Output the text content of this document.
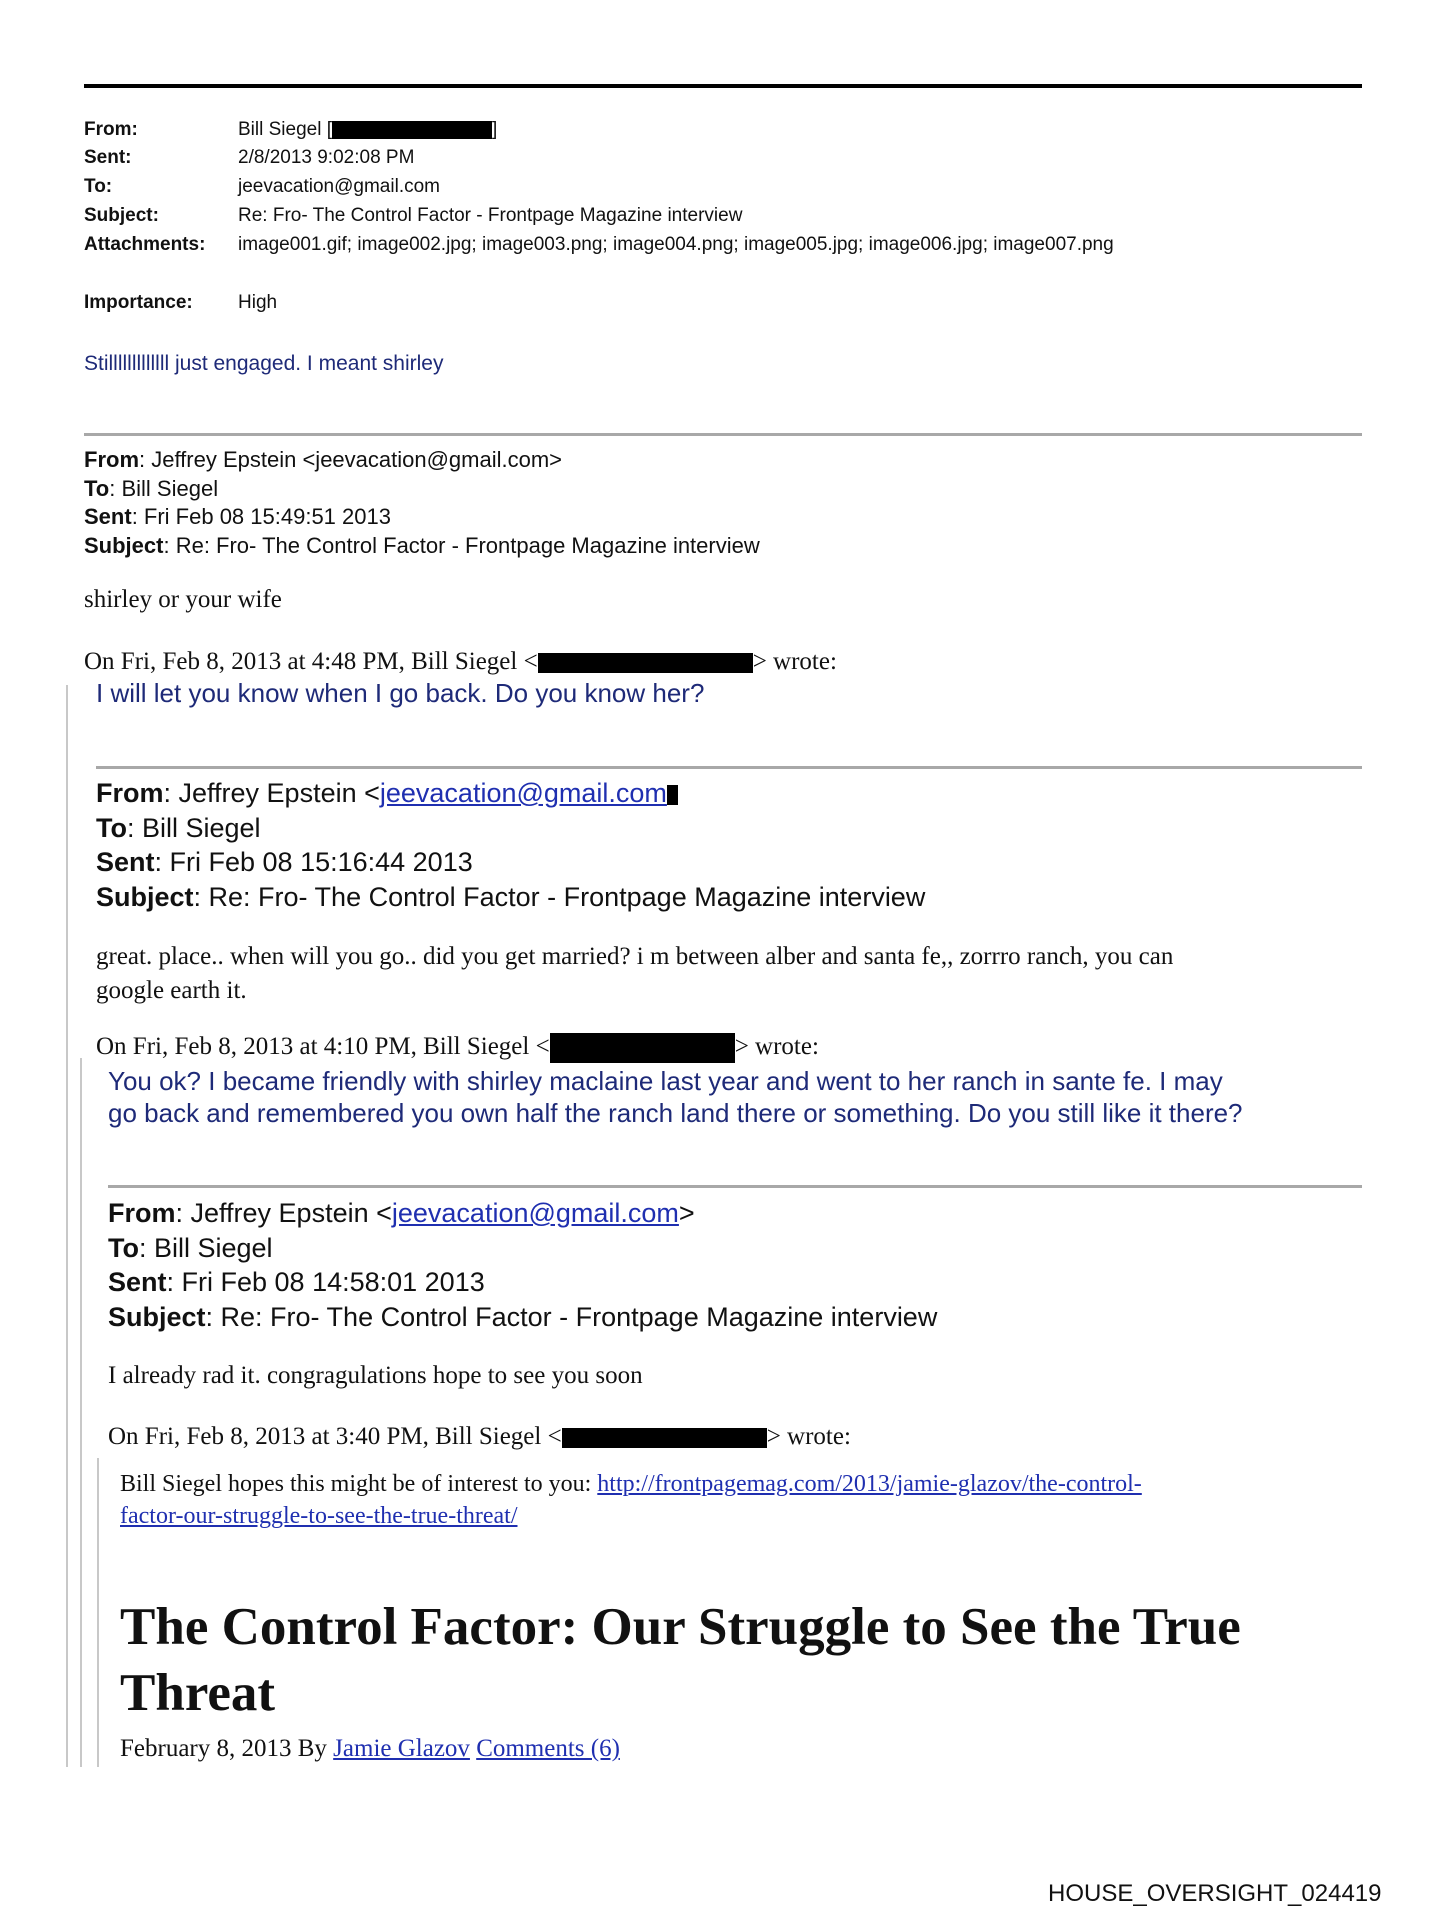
From:	Bill Siegel [	]
Sent:	2/8/2013 9:02:08 PM
To:	jeevacation@gmail.com
Subject:	Re: Fro- The Control Factor - Frontpage Magazine interview
Attachments: image001.gif; image002.jpg; image003.png; image004.png; image005.jpg; image006.jpg; image007.png
Importance: High
Stilllllllllllll just engaged. I meant shirley
From: Jeffrey Epstein <jeevacation@gmail.com>
To: Bill Siegel
Sent: Fri Feb 08 15:49:51 2013
Subject: Re: Fro- The Control Factor - Frontpage Magazine interview
shirley or your wife
On Fri, Feb 8, 2013 at 4:48 PM, Bill Siegel <	> wrote:
I will let you know when I go back. Do you know her?
From: Jeffrey Epstein <jeevacation@gmail.com
To: Bill Siegel
Sent: Fri Feb 08 15:16:44 2013
Subject: Re: Fro- The Control Factor - Frontpage Magazine interview
great. place.. when will you go.. did you get married? i m between alber and santa fe,, zorrro ranch, you can
google earth it.
On Fri, Feb 8, 2013 at 4:10 PM, Bill Siegel <	> wrote:
You ok? I became friendly with shirley maclaine last year and went to her ranch in sante fe. I may
go back and remembered you own half the ranch land there or something. Do you still like it there?
From: Jeffrey Epstein <jeevacation@gmail.com>
To: Bill Siegel
Sent: Fri Feb 08 14:58:01 2013
Subject: Re: Fro- The Control Factor - Frontpage Magazine interview
I already rad it. congragulations hope to see you soon
On Fri, Feb 8, 2013 at 3:40 PM, Bill Siegel <	> wrote:
Bill Siegel hopes this might be of interest to you: http://frontpagemag.com/2013/jamie-glazov/the-control-
factor-our-struggle-to-see-the-true-threat/
The Control Factor: Our Struggle to See the True
Threat
February 8, 2013 By Jamie Glazov Comments (6)
HOUSE_OVERSIGHT_024419
